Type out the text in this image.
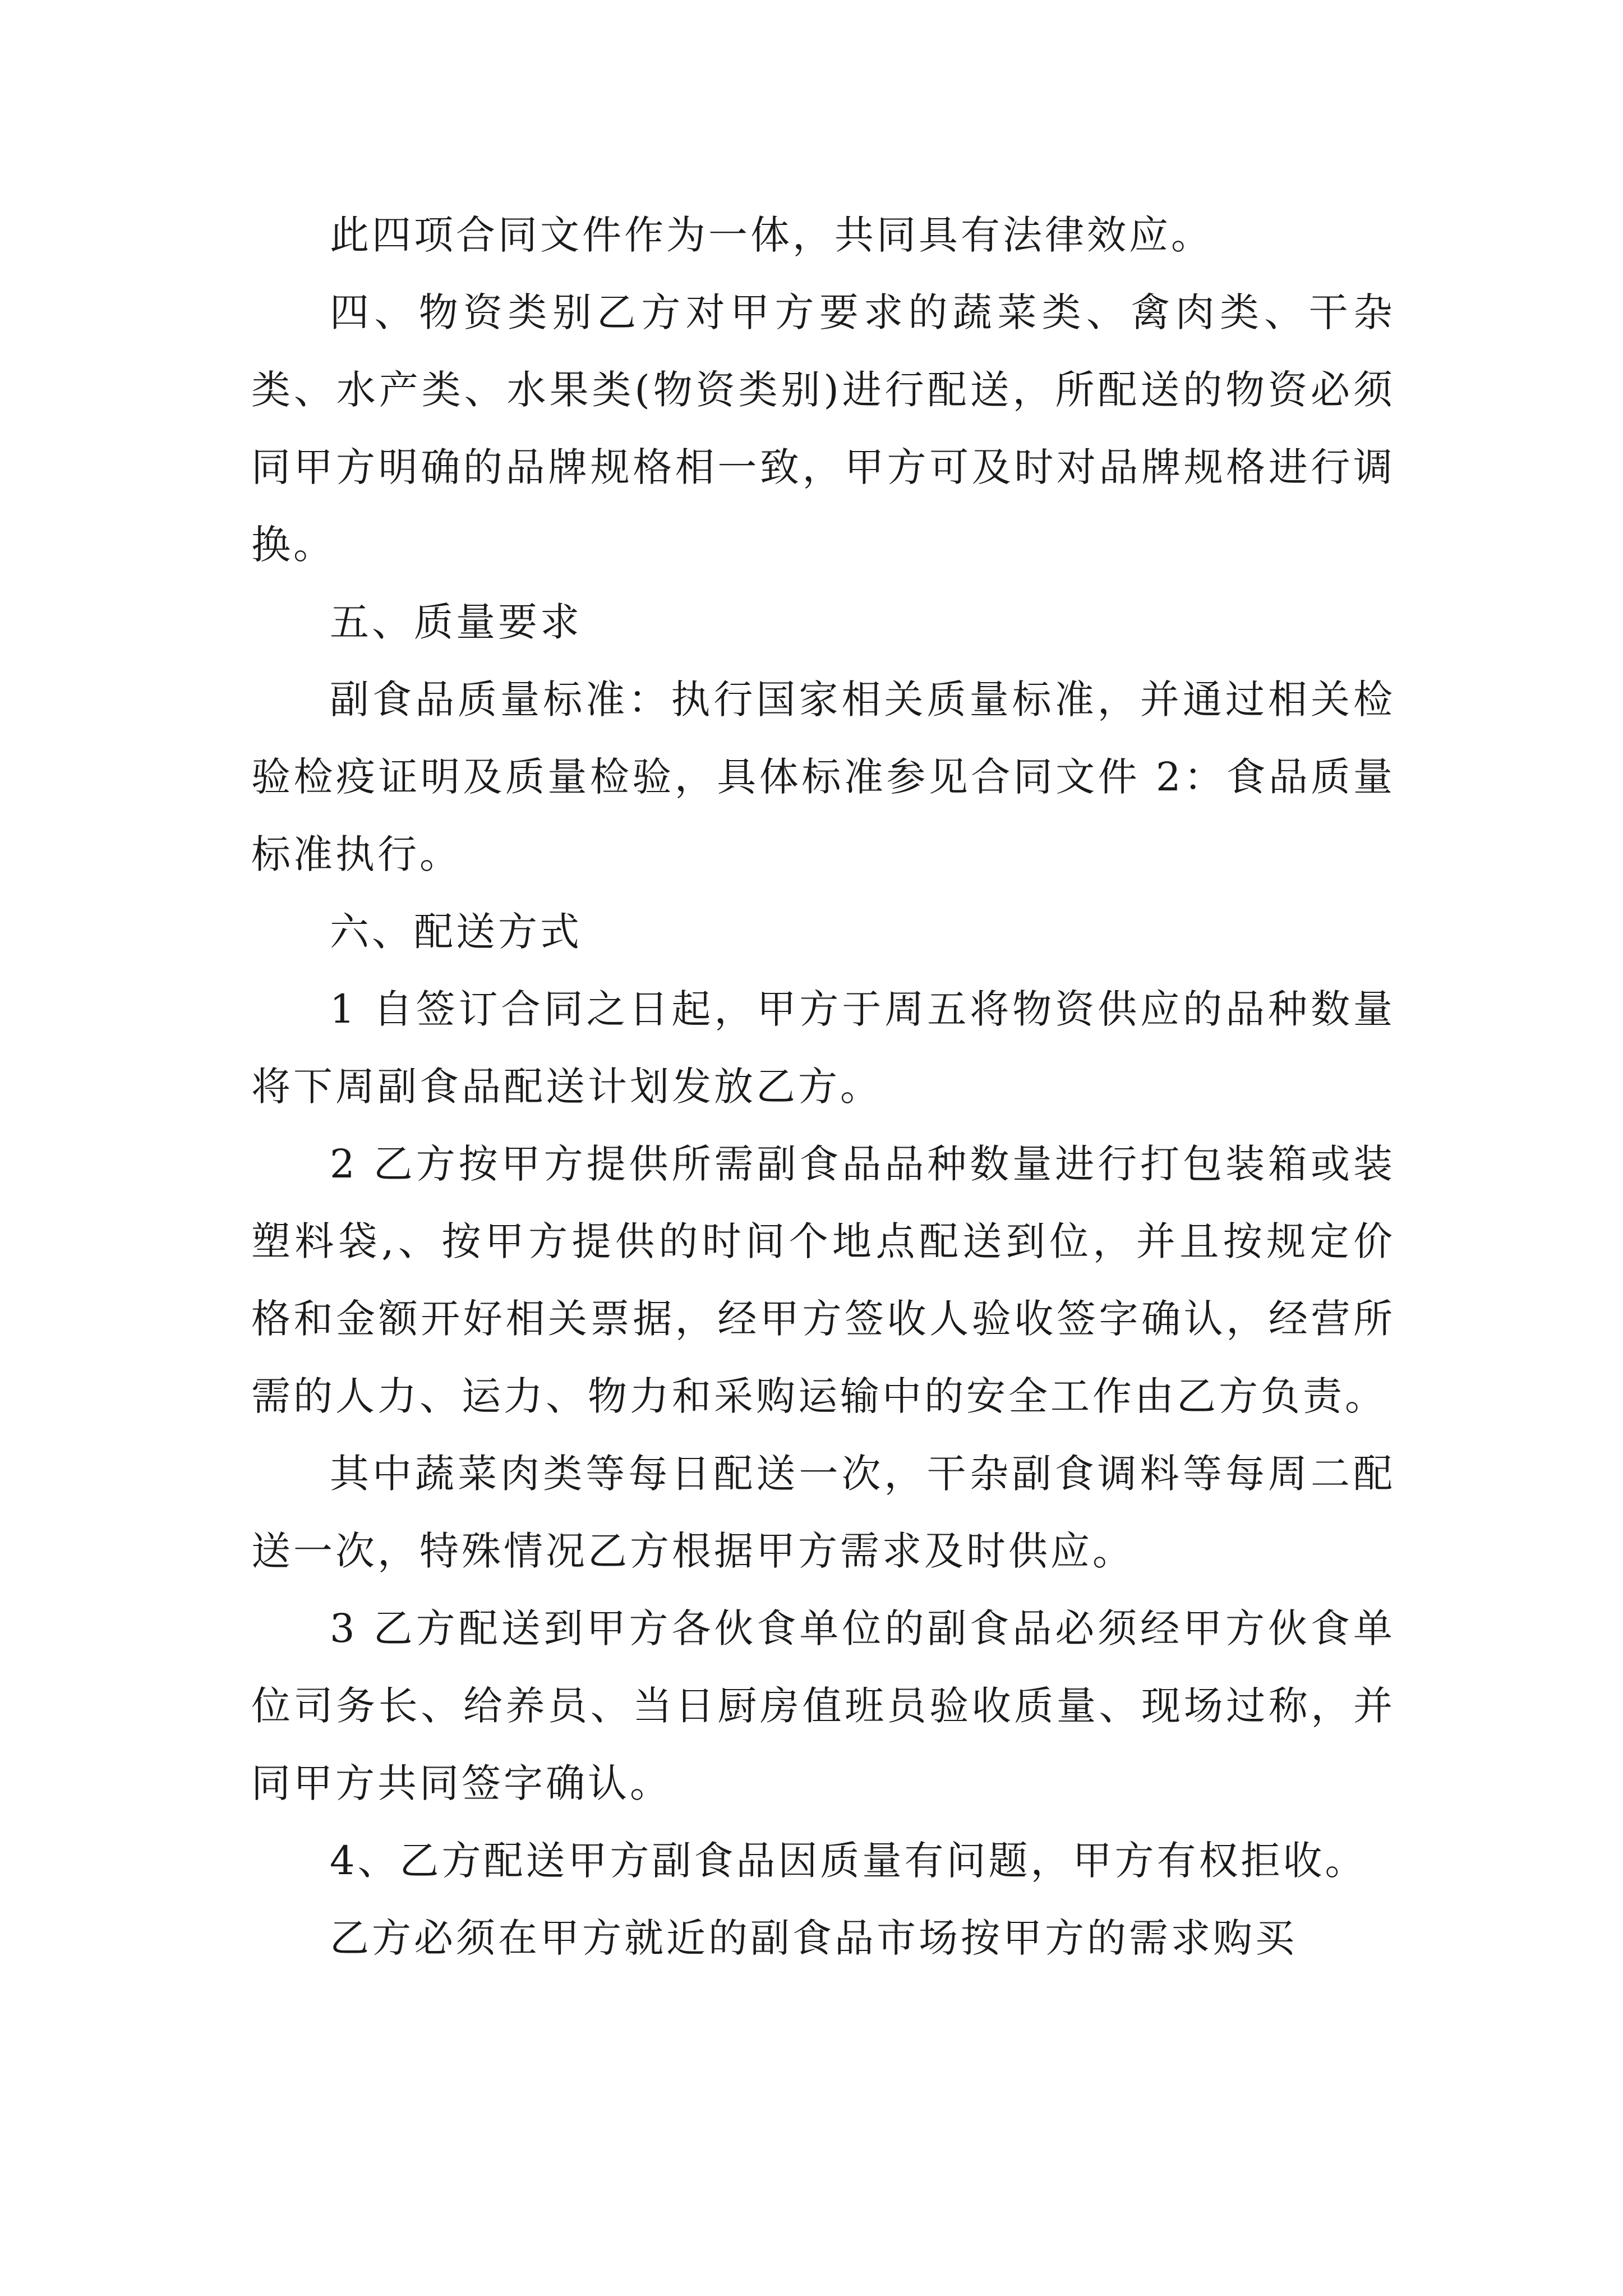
此四项合同文件作为一体，共同具有法律效应。

四、物资类别乙方对甲方要求的蔬菜类、禽肉类、干杂类、水产类、水果类(物资类别)进行配送，所配送的物资必须同甲方明确的品牌规格相一致，甲方可及时对品牌规格进行调换。

五、质量要求

副食品质量标准：执行国家相关质量标准，并通过相关检验检疫证明及质量检验，具体标准参见合同文件 2：食品质量标准执行。

六、配送方式

1 自签订合同之日起，甲方于周五将物资供应的品种数量将下周副食品配送计划发放乙方。

2 乙方按甲方提供所需副食品品种数量进行打包装箱或装塑料袋,、按甲方提供的时间个地点配送到位，并且按规定价格和金额开好相关票据，经甲方签收人验收签字确认，经营所需的人力、运力、物力和采购运输中的安全工作由乙方负责。

其中蔬菜肉类等每日配送一次，干杂副食调料等每周二配送一次，特殊情况乙方根据甲方需求及时供应。

3 乙方配送到甲方各伙食单位的副食品必须经甲方伙食单位司务长、给养员、当日厨房值班员验收质量、现场过称，并同甲方共同签字确认。

4、乙方配送甲方副食品因质量有问题，甲方有权拒收。

乙方必须在甲方就近的副食品市场按甲方的需求购买
